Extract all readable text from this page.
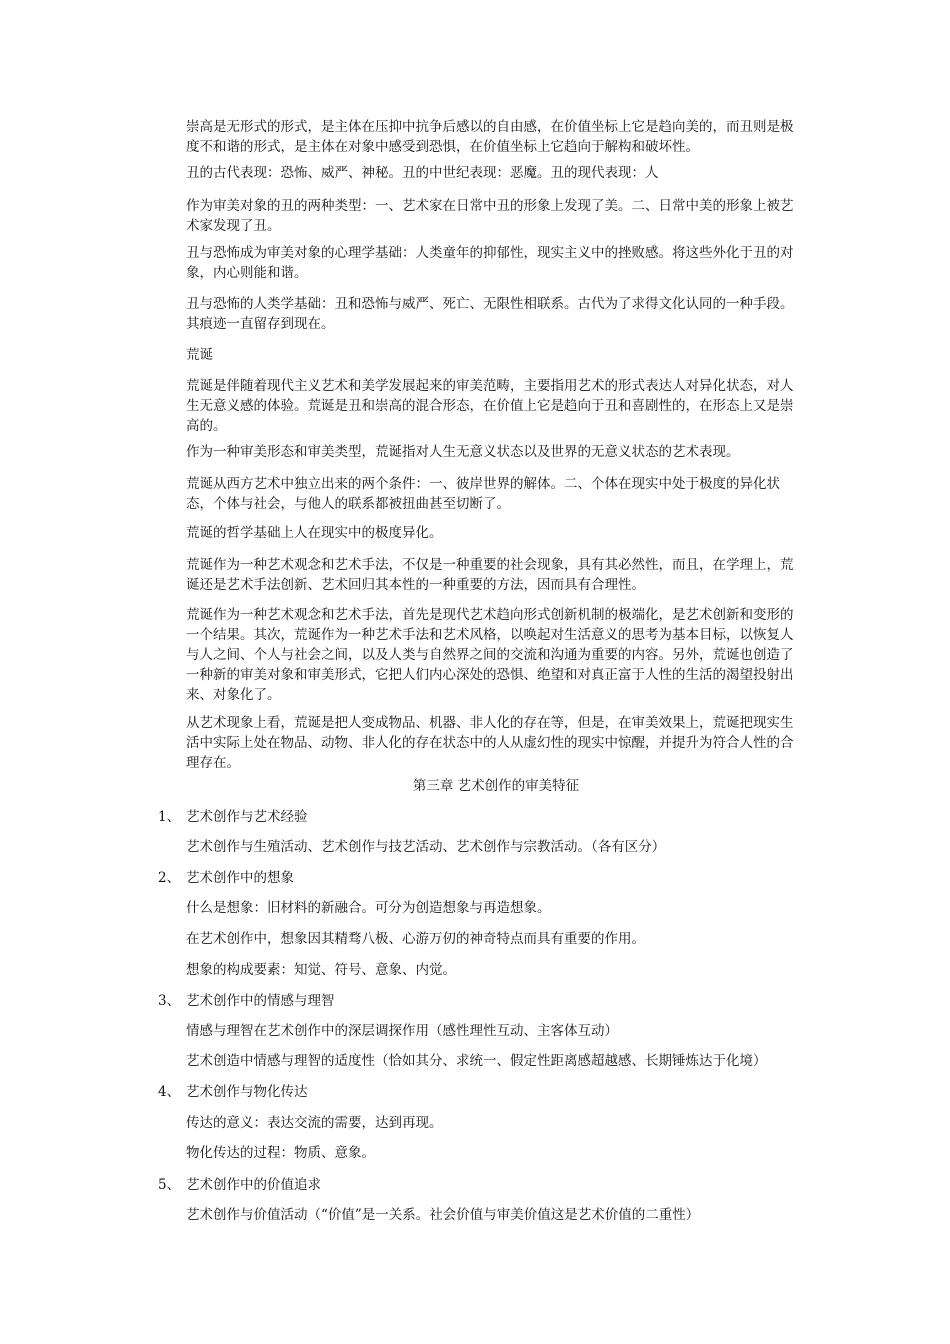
崇高是无形式的形式，是主体在压抑中抗争后感以的自由感，在价值坐标上它是趋向美的，而丑则是极度不和谐的形式，是主体在对象中感受到恐惧，在价值坐标上它趋向于解构和破坏性。

丑的古代表现：恐怖、威严、神秘。丑的中世纪表现：恶魔。丑的现代表现：人

作为审美对象的丑的两种类型：一、艺术家在日常中丑的形象上发现了美。二、日常中美的形象上被艺术家发现了丑。

丑与恐怖成为审美对象的心理学基础：人类童年的抑郁性，现实主义中的挫败感。将这些外化于丑的对象，内心则能和谐。

丑与恐怖的人类学基础：丑和恐怖与威严、死亡、无限性相联系。古代为了求得文化认同的一种手段。其痕迹一直留存到现在。

荒诞

荒诞是伴随着现代主义艺术和美学发展起来的审美范畴，主要指用艺术的形式表达人对异化状态，对人生无意义感的体验。荒诞是丑和崇高的混合形态，在价值上它是趋向于丑和喜剧性的，在形态上又是崇高的。

作为一种审美形态和审美类型，荒诞指对人生无意义状态以及世界的无意义状态的艺术表现。

荒诞从西方艺术中独立出来的两个条件：一、彼岸世界的解体。二、个体在现实中处于极度的异化状态，个体与社会，与他人的联系都被扭曲甚至切断了。

荒诞的哲学基础上人在现实中的极度异化。

荒诞作为一种艺术观念和艺术手法，不仅是一种重要的社会现象，具有其必然性，而且，在学理上，荒诞还是艺术手法创新、艺术回归其本性的一种重要的方法，因而具有合理性。

荒诞作为一种艺术观念和艺术手法，首先是现代艺术趋向形式创新机制的极端化，是艺术创新和变形的一个结果。其次，荒诞作为一种艺术手法和艺术风格，以唤起对生活意义的思考为基本目标，以恢复人与人之间、个人与社会之间，以及人类与自然界之间的交流和沟通为重要的内容。另外，荒诞也创造了一种新的审美对象和审美形式，它把人们内心深处的恐惧、绝望和对真正富于人性的生活的渴望投射出来、对象化了。

从艺术现象上看，荒诞是把人变成物品、机器、非人化的存在等，但是，在审美效果上，荒诞把现实生活中实际上处在物品、动物、非人化的存在状态中的人从虚幻性的现实中惊醒，并提升为符合人性的合理存在。

第三章 艺术创作的审美特征

1、 艺术创作与艺术经验

艺术创作与生殖活动、艺术创作与技艺活动、艺术创作与宗教活动。（各有区分）

2、 艺术创作中的想象

什么是想象：旧材料的新融合。可分为创造想象与再造想象。

在艺术创作中，想象因其精骛八极、心游万仞的神奇特点而具有重要的作用。

想象的构成要素：知觉、符号、意象、内觉。

3、 艺术创作中的情感与理智

情感与理智在艺术创作中的深层调探作用（感性理性互动、主客体互动）

艺术创造中情感与理智的适度性（恰如其分、求统一、假定性距离感超越感、长期锤炼达于化境）

4、 艺术创作与物化传达

传达的意义：表达交流的需要，达到再现。

物化传达的过程：物质、意象。

5、 艺术创作中的价值追求

艺术创作与价值活动（“价值”是一关系。社会价值与审美价值这是艺术价值的二重性）
